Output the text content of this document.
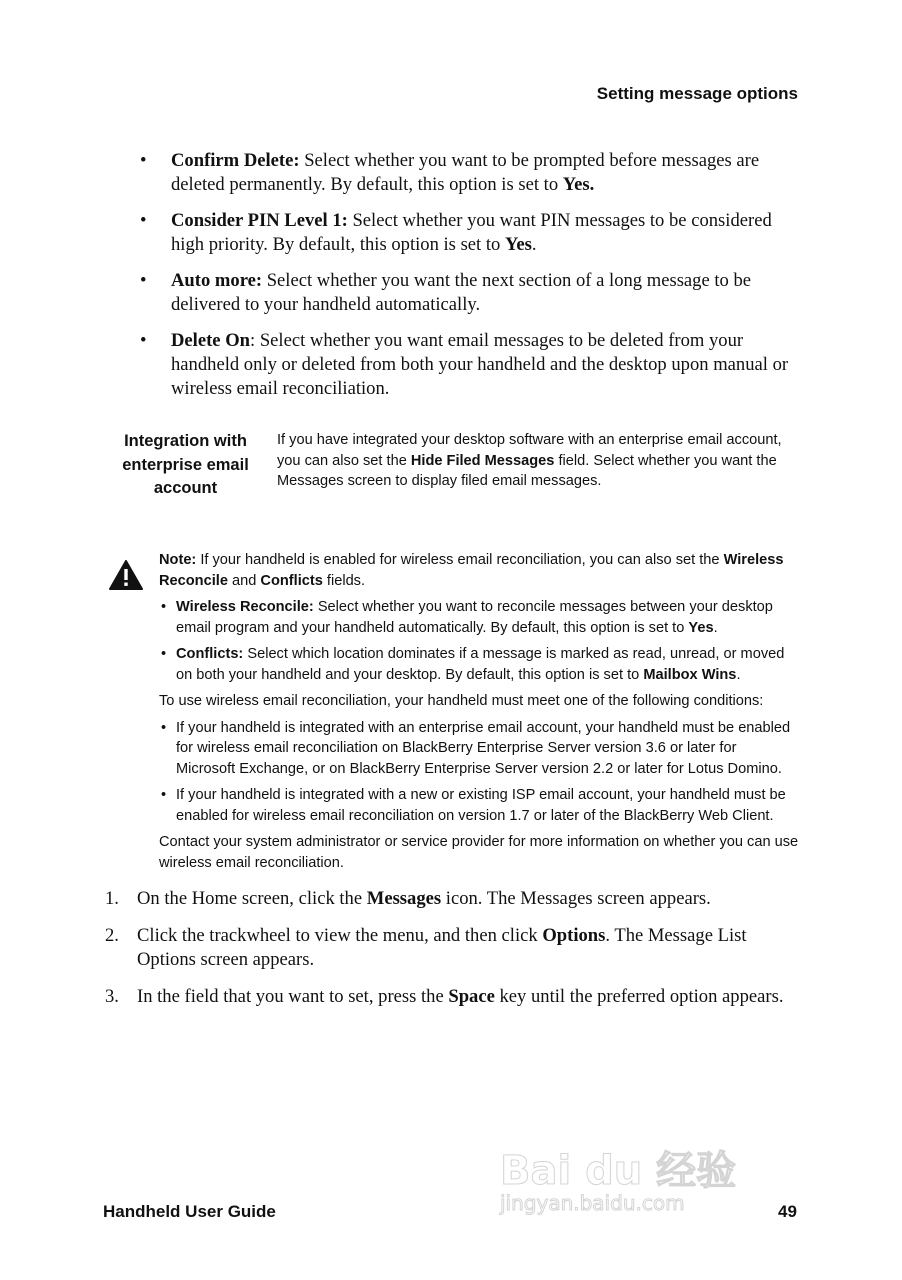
Setting message options
• Confirm Delete: Select whether you want to be prompted before messages are deleted permanently. By default, this option is set to Yes.
• Consider PIN Level 1: Select whether you want PIN messages to be considered high priority. By default, this option is set to Yes.
• Auto more: Select whether you want the next section of a long message to be delivered to your handheld automatically.
• Delete On: Select whether you want email messages to be deleted from your handheld only or deleted from both your handheld and the desktop upon manual or wireless email reconciliation.
Integration with enterprise email account
If you have integrated your desktop software with an enterprise email account, you can also set the Hide Filed Messages field. Select whether you want the Messages screen to display filed email messages.

Note: If your handheld is enabled for wireless email reconciliation, you can also set the Wireless Reconcile and Conflicts fields.

• Wireless Reconcile: Select whether you want to reconcile messages between your desktop email program and your handheld automatically. By default, this option is set to Yes.
• Conflicts: Select which location dominates if a message is marked as read, unread, or moved on both your handheld and your desktop. By default, this option is set to Mailbox Wins.

To use wireless email reconciliation, your handheld must meet one of the following conditions:

• If your handheld is integrated with an enterprise email account, your handheld must be enabled for wireless email reconciliation on BlackBerry Enterprise Server version 3.6 or later for Microsoft Exchange, or on BlackBerry Enterprise Server version 2.2 or later for Lotus Domino.
• If your handheld is integrated with a new or existing ISP email account, your handheld must be enabled for wireless email reconciliation on version 1.7 or later of the BlackBerry Web Client.

Contact your system administrator or service provider for more information on whether you can use wireless email reconciliation.

1. On the Home screen, click the Messages icon. The Messages screen appears.
2. Click the trackwheel to view the menu, and then click Options. The Message List Options screen appears.
3. In the field that you want to set, press the Space key until the preferred option appears.
Bai du 经验
jingyan.baidu.com
Handheld User Guide	49
